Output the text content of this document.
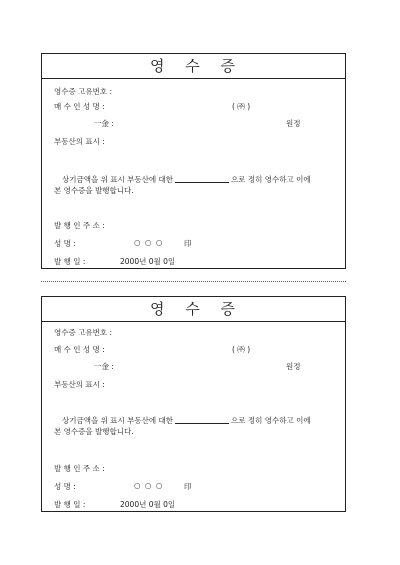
영 수 증
영수증 고유번호 :
매 수 인 성 명 :	( ㈜ )
一金 :	원정
부동산의 표시 :
상기금액을 위 표시 부동산에 대한	으로 정히 영수하고 이에
본 영수증을 발행합니다.
발 행 인 주 소 :
성 명 :	○ ○ ○	印
발 행 일 :	2000년 0월 0일
영 수 증
영수증 고유번호 :
매 수 인 성 명 :	( ㈜ )
一金 :	원정
부동산의 표시 :
상기금액을 위 표시 부동산에 대한	으로 정히 영수하고 이에
본 영수증을 발행합니다.
발 행 인 주 소 :
성 명 :	○ ○ ○	印
발 행 일 :	2000년 0월 0일
